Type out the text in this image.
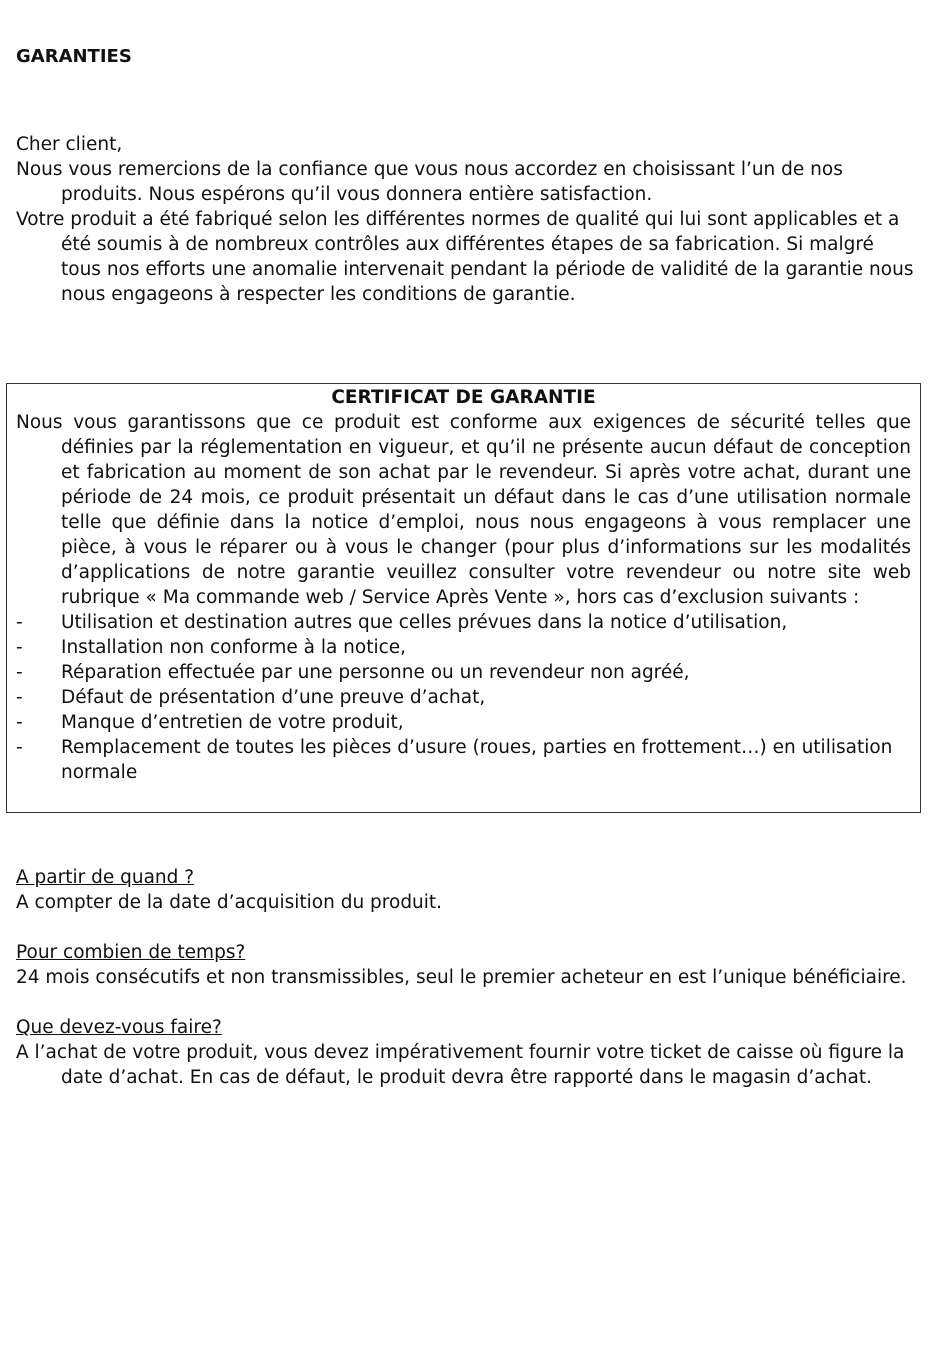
GARANTIES

Cher client,

Nous vous remercions de la confiance que vous nous accordez en choisissant l’un de nos produits. Nous espérons qu’il vous donnera entière satisfaction.

Votre produit a été fabriqué selon les différentes normes de qualité qui lui sont applicables et a été soumis à de nombreux contrôles aux différentes étapes de sa fabrication. Si malgré tous nos efforts une anomalie intervenait pendant la période de validité de la garantie nous nous engageons à respecter les conditions de garantie.

CERTIFICAT DE GARANTIE

Nous vous garantissons que ce produit est conforme aux exigences de sécurité telles que définies par la réglementation en vigueur, et qu’il ne présente aucun défaut de conception et fabrication au moment de son achat par le revendeur. Si après votre achat, durant une période de 24 mois, ce produit présentait un défaut dans le cas d’une utilisation normale telle que définie dans la notice d’emploi, nous nous engageons à vous remplacer une pièce, à vous le réparer ou à vous le changer (pour plus d’informations sur les modalités d’applications de notre garantie veuillez consulter votre revendeur ou notre site web rubrique « Ma commande web / Service Après Vente », hors cas d’exclusion suivants :

-	Utilisation et destination autres que celles prévues dans la notice d’utilisation,
-	Installation non conforme à la notice,
-	Réparation effectuée par une personne ou un revendeur non agréé,
-	Défaut de présentation d’une preuve d’achat,
-	Manque d’entretien de votre produit,
-	Remplacement de toutes les pièces d’usure (roues, parties en frottement…) en utilisation normale

A partir de quand ?

A compter de la date d’acquisition du produit.

Pour combien de temps?

24 mois consécutifs et non transmissibles, seul le premier acheteur en est l’unique bénéficiaire.

Que devez-vous faire?

A l’achat de votre produit, vous devez impérativement fournir votre ticket de caisse où figure la date d’achat. En cas de défaut, le produit devra être rapporté dans le magasin d’achat.
